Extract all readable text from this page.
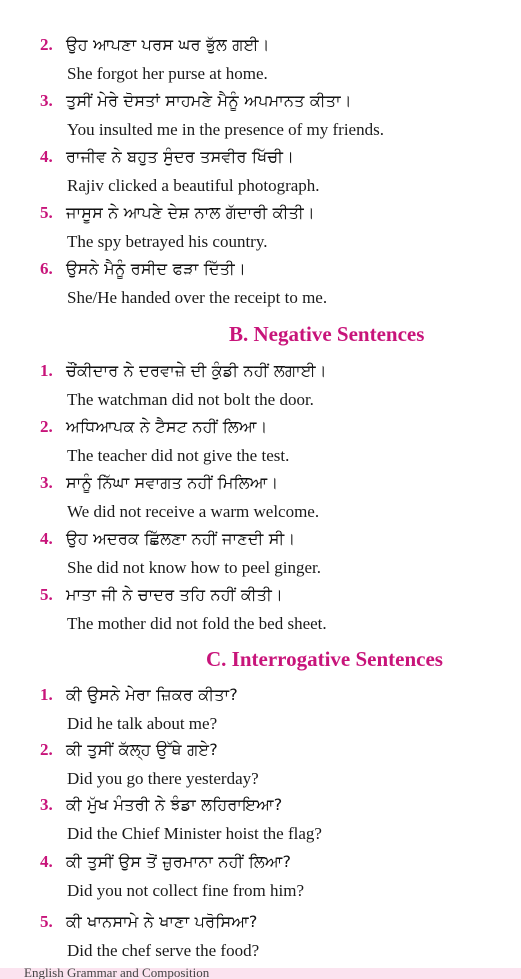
2. ਉਹ ਆਪਣਾ ਪਰਸ ਘਰ ਭੁੱਲ ਗਈ।
She forgot her purse at home.
3. ਤੁਸੀਂ ਮੇਰੇ ਦੋਸਤਾਂ ਸਾਹਮਣੇ ਮੈਨੂੰ ਅਪਮਾਨਤ ਕੀਤਾ।
You insulted me in the presence of my friends.
4. ਰਾਜੀਵ ਨੇ ਬਹੁਤ ਸੁੰਦਰ ਤਸਵੀਰ ਖਿੱਚੀ।
Rajiv clicked a beautiful photograph.
5. ਜਾਸੂਸ ਨੇ ਆਪਣੇ ਦੇਸ਼ ਨਾਲ ਗੱਦਾਰੀ ਕੀਤੀ।
The spy betrayed his country.
6. ਉਸਨੇ ਮੈਨੂੰ ਰਸੀਦ ਫੜਾ ਦਿੱਤੀ।
She/He handed over the receipt to me.
B. Negative Sentences
1. ਚੌਂਕੀਦਾਰ ਨੇ ਦਰਵਾਜ਼ੇ ਦੀ ਕੁੰਡੀ ਨਹੀਂ ਲਗਾਈ।
The watchman did not bolt the door.
2. ਅਧਿਆਪਕ ਨੇ ਟੈਸਟ ਨਹੀਂ ਲਿਆ।
The teacher did not give the test.
3. ਸਾਨੂੰ ਨਿੱਘਾ ਸਵਾਗਤ ਨਹੀਂ ਮਿਲਿਆ।
We did not receive a warm welcome.
4. ਉਹ ਅਦਰਕ ਛਿੱਲਣਾ ਨਹੀਂ ਜਾਣਦੀ ਸੀ।
She did not know how to peel ginger.
5. ਮਾਤਾ ਜੀ ਨੇ ਚਾਦਰ ਤਹਿ ਨਹੀਂ ਕੀਤੀ।
The mother did not fold the bed sheet.
C. Interrogative Sentences
1. ਕੀ ਉਸਨੇ ਮੇਰਾ ਜ਼ਿਕਰ ਕੀਤਾ?
Did he talk about me?
2. ਕੀ ਤੁਸੀਂ ਕੱਲ੍ਹ ਉੱਥੇ ਗਏ?
Did you go there yesterday?
3. ਕੀ ਮੁੱਖ ਮੰਤਰੀ ਨੇ ਝੰਡਾ ਲਹਿਰਾਇਆ?
Did the Chief Minister hoist the flag?
4. ਕੀ ਤੁਸੀਂ ਉਸ ਤੋਂ ਜ਼ੁਰਮਾਨਾ ਨਹੀਂ ਲਿਆ?
Did you not collect fine from him?
5. ਕੀ ਖਾਨਸਾਮੇ ਨੇ ਖਾਣਾ ਪਰੋਸਿਆ?
Did the chef serve the food?
English Grammar and Composition
